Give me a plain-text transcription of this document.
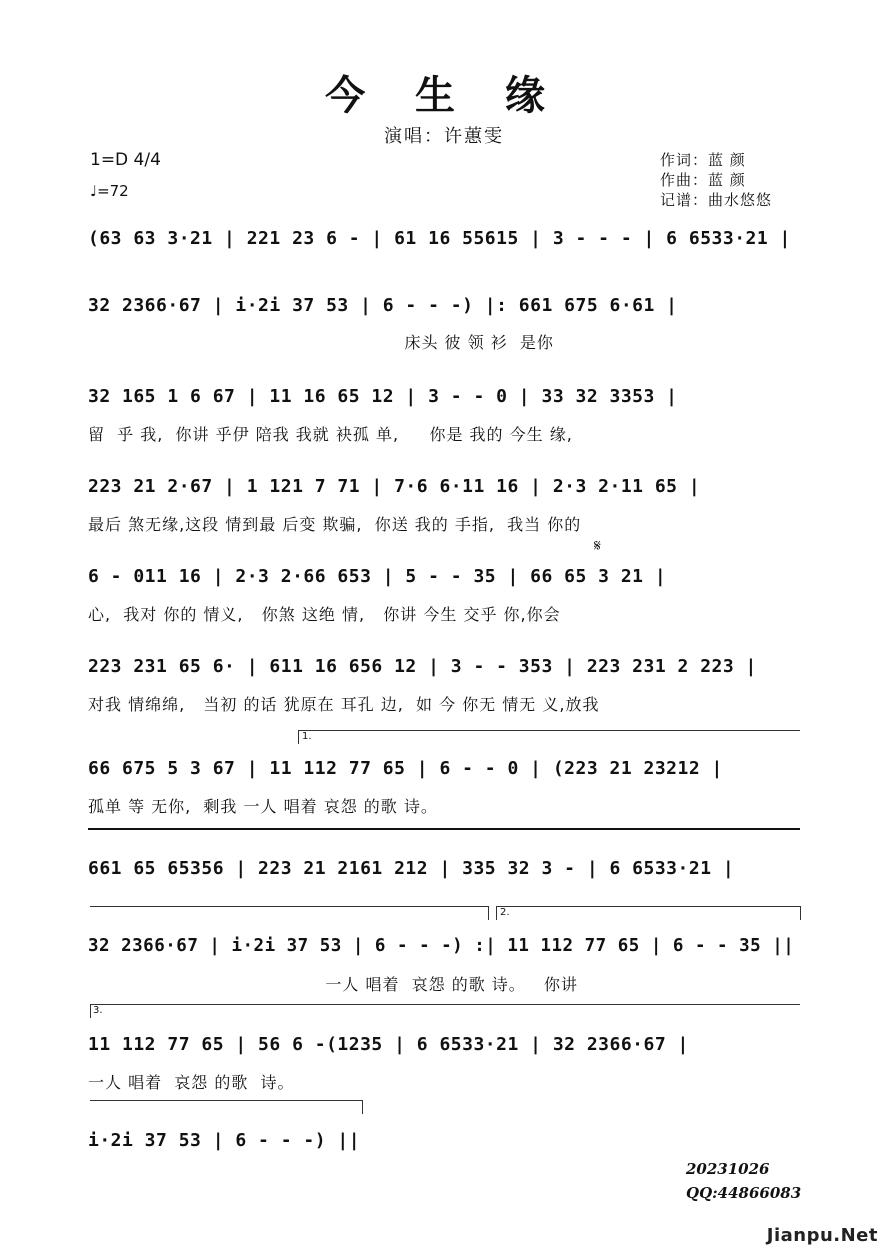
今 生 缘
演唱：许蕙雯
1=D 4/4
♩=72
作词：蓝 颜
作曲：蓝 颜
记谱：曲水悠悠
(63 63 3·21 | 221 23 6 - | 61 16 55615 | 3 - - - | 6 6533·21 |
32 2366·67 | i·2i 37 53 | 6 - - -) |: 661 675 6·61 |
床头 彼 领 衫  是你
32 165 1 6 67 | 11 16 65 12 | 3 - - 0 | 33 32 3353 |
留  乎 我,  你讲 乎伊 陪我 我就 袂孤 单,     你是 我的 今生 缘,
223 21 2·67 | 1 121 7 71 | 7·6 6·11 16 | 2·3 2·11 65 |
最后 煞无缘,这段 情到最 后变 欺骗,  你送 我的 手指,  我当 你的
𝄋
6 - 011 16 | 2·3 2·66 653 | 5 - - 35 | 66 65 3 21 |
心,  我对 你的 情义,   你煞 这绝 情,   你讲 今生 交乎 你,你会
223 231 65 6· | 611 16 656 12 | 3 - - 353 | 223 231 2 223 |
对我 情绵绵,   当初 的话 犹原在 耳孔 边,  如 今 你无 情无 义,放我
1.
66 675 5 3 67 | 11 112 77 65 | 6 - - 0 | (223 21 23212 |
孤单 等 无你,  剩我 一人 唱着 哀怨 的歌 诗。
661 65 65356 | 223 21 2161 212 | 335 32 3 - | 6 6533·21 |
2.
32 2366·67 | i·2i 37 53 | 6 - - -) :| 11 112 77 65 | 6 - - 35 ||
一人 唱着  哀怨 的歌 诗。   你讲
3.
11 112 77 65 | 56 6 -(1235 | 6 6533·21 | 32 2366·67 |
一人 唱着  哀怨 的歌  诗。
i·2i 37 53 | 6 - - -) ||
20231026
QQ:44866083
Jianpu.Net
